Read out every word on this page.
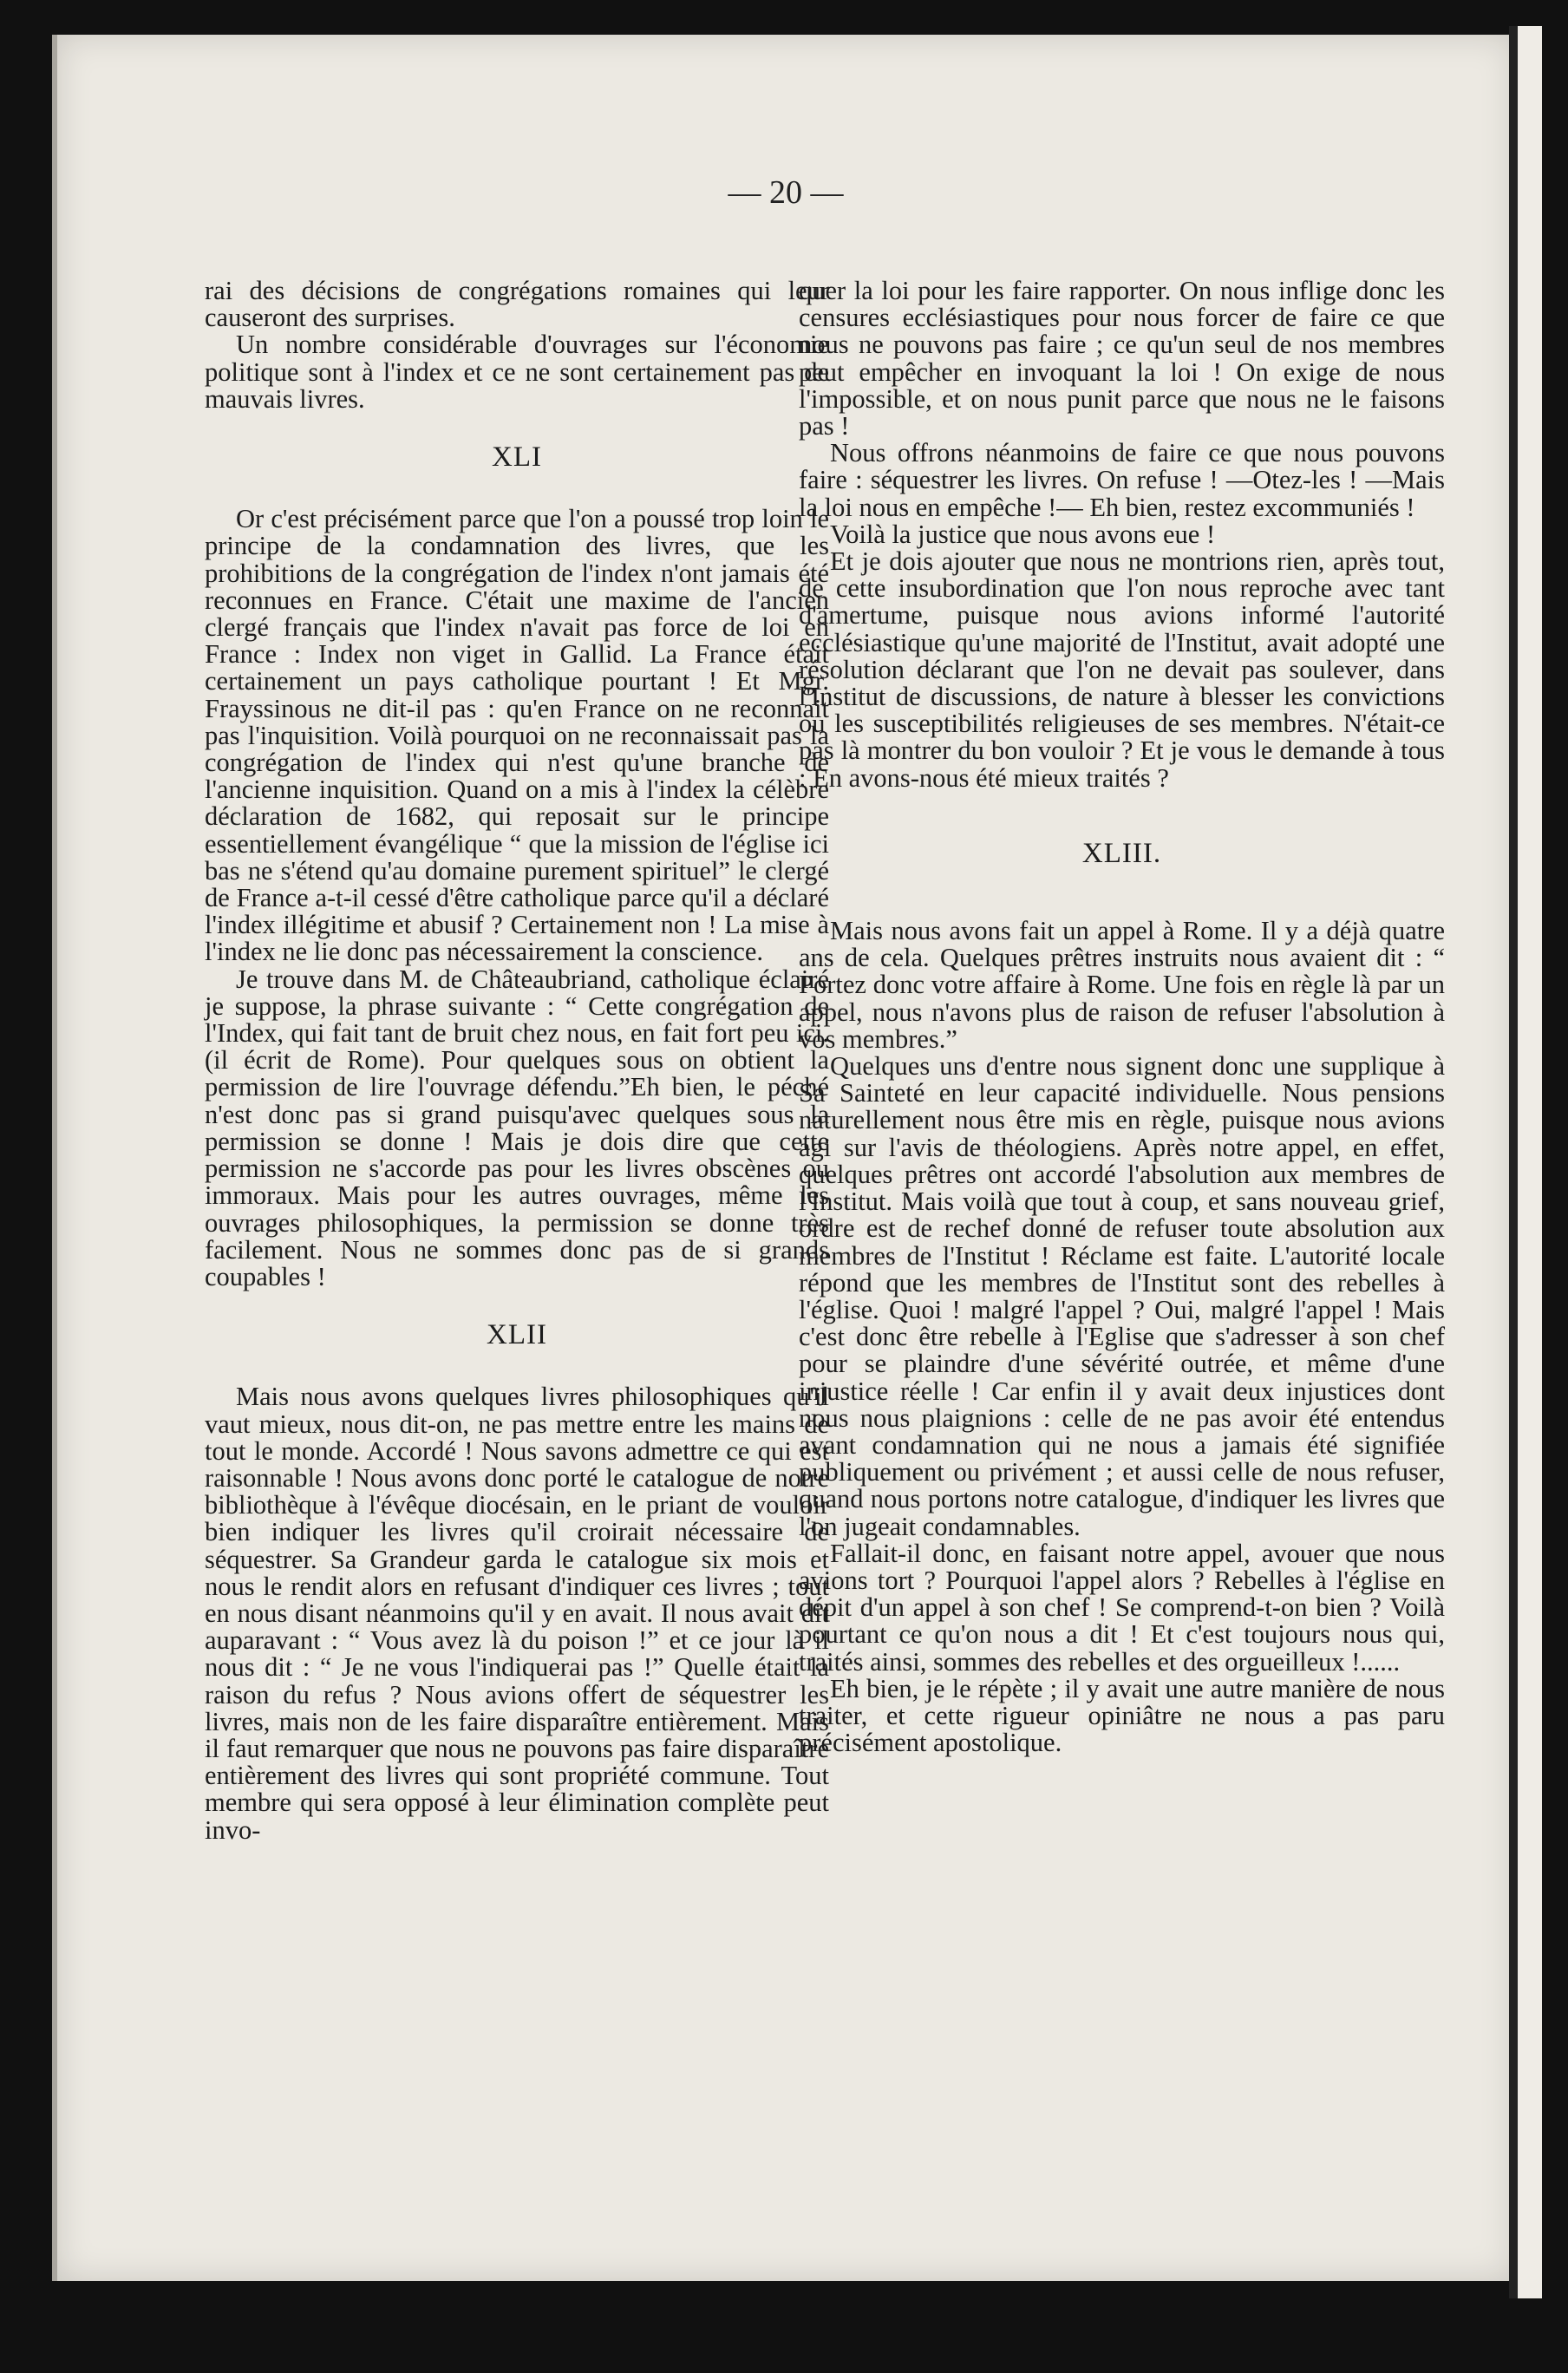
— 20 —

rai des décisions de congrégations romaines qui leur causeront des surprises.

Un nombre considérable d'ouvrages sur l'économie politique sont à l'index et ce ne sont certainement pas de mauvais livres.

XLI

Or c'est précisément parce que l'on a poussé trop loin le principe de la condamnation des livres, que les prohibitions de la congrégation de l'index n'ont jamais été reconnues en France. C'était une maxime de l'ancien clergé français que l'index n'avait pas force de loi en France : Index non viget in Gallid. La France était certainement un pays catholique pourtant ! Et Mgr. Frayssinous ne dit-il pas : qu'en France on ne reconnait pas l'inquisition. Voilà pourquoi on ne reconnaissait pas la congrégation de l'index qui n'est qu'une branche de l'ancienne inquisition. Quand on a mis à l'index la célèbre déclaration de 1682, qui reposait sur le principe essentiellement évangélique “ que la mission de l'église ici bas ne s'étend qu'au domaine purement spirituel” le clergé de France a-t-il cessé d'être catholique parce qu'il a déclaré l'index illégitime et abusif ? Certainement non ! La mise à l'index ne lie donc pas nécessairement la conscience.

Je trouve dans M. de Châteaubriand, catholique éclairé je suppose, la phrase suivante : “ Cette congrégation de l'Index, qui fait tant de bruit chez nous, en fait fort peu ici. (il écrit de Rome). Pour quelques sous on obtient la permission de lire l'ouvrage défendu.”Eh bien, le péché n'est donc pas si grand puisqu'avec quelques sous la permission se donne ! Mais je dois dire que cette permission ne s'accorde pas pour les livres obscènes ou immoraux. Mais pour les autres ouvrages, même les ouvrages philosophiques, la permission se donne très facilement. Nous ne sommes donc pas de si grands coupables !

XLII

Mais nous avons quelques livres philosophiques qu'il vaut mieux, nous dit-on, ne pas mettre entre les mains de tout le monde. Accordé ! Nous savons admettre ce qui est raisonnable ! Nous avons donc porté le catalogue de notre bibliothèque à l'évêque diocésain, en le priant de vouloir bien indiquer les livres qu'il croirait nécessaire de séquestrer. Sa Grandeur garda le catalogue six mois et nous le rendit alors en refusant d'indiquer ces livres ; tout en nous disant néanmoins qu'il y en avait. Il nous avait dit auparavant : “ Vous avez là du poison !” et ce jour là il nous dit : “ Je ne vous l'indiquerai pas !” Quelle était la raison du refus ? Nous avions offert de séquestrer les livres, mais non de les faire disparaître entièrement. Mais il faut remarquer que nous ne pouvons pas faire disparaître entièrement des livres qui sont propriété commune. Tout membre qui sera opposé à leur élimination complète peut invo-

quer la loi pour les faire rapporter. On nous inflige donc les censures ecclésiastiques pour nous forcer de faire ce que nous ne pouvons pas faire ; ce qu'un seul de nos membres peut empêcher en invoquant la loi ! On exige de nous l'impossible, et on nous punit parce que nous ne le faisons pas !

Nous offrons néanmoins de faire ce que nous pouvons faire : séquestrer les livres. On refuse ! —Otez-les ! —Mais la loi nous en empêche !— Eh bien, restez excommuniés !

Voilà la justice que nous avons eue !

Et je dois ajouter que nous ne montrions rien, après tout, de cette insubordination que l'on nous reproche avec tant d'amertume, puisque nous avions informé l'autorité ecclésiastique qu'une majorité de l'Institut, avait adopté une résolution déclarant que l'on ne devait pas soulever, dans l'Institut de discussions, de nature à blesser les convictions ou les susceptibilités religieuses de ses membres. N'était-ce pas là montrer du bon vouloir ? Et je vous le demande à tous : En avons-nous été mieux traités ?

XLIII.

Mais nous avons fait un appel à Rome. Il y a déjà quatre ans de cela. Quelques prêtres instruits nous avaient dit : “ Portez donc votre affaire à Rome. Une fois en règle là par un appel, nous n'avons plus de raison de refuser l'absolution à vos membres.”

Quelques uns d'entre nous signent donc une supplique à Sa Sainteté en leur capacité individuelle. Nous pensions naturellement nous être mis en règle, puisque nous avions agi sur l'avis de théologiens. Après notre appel, en effet, quelques prêtres ont accordé l'absolution aux membres de l'Institut. Mais voilà que tout à coup, et sans nouveau grief, ordre est de rechef donné de refuser toute absolution aux membres de l'Institut ! Réclame est faite. L'autorité locale répond que les membres de l'Institut sont des rebelles à l'église. Quoi ! malgré l'appel ? Oui, malgré l'appel ! Mais c'est donc être rebelle à l'Eglise que s'adresser à son chef pour se plaindre d'une sévérité outrée, et même d'une injustice réelle ! Car enfin il y avait deux injustices dont nous nous plaignions : celle de ne pas avoir été entendus avant condamnation qui ne nous a jamais été signifiée publiquement ou privément ; et aussi celle de nous refuser, quand nous portons notre catalogue, d'indiquer les livres que l'on jugeait condamnables.

Fallait-il donc, en faisant notre appel, avouer que nous avions tort ? Pourquoi l'appel alors ? Rebelles à l'église en dépit d'un appel à son chef ! Se comprend-t-on bien ? Voilà pourtant ce qu'on nous a dit ! Et c'est toujours nous qui, traités ainsi, sommes des rebelles et des orgueilleux !......

Eh bien, je le répète ; il y avait une autre manière de nous traiter, et cette rigueur opiniâtre ne nous a pas paru précisément apostolique.
